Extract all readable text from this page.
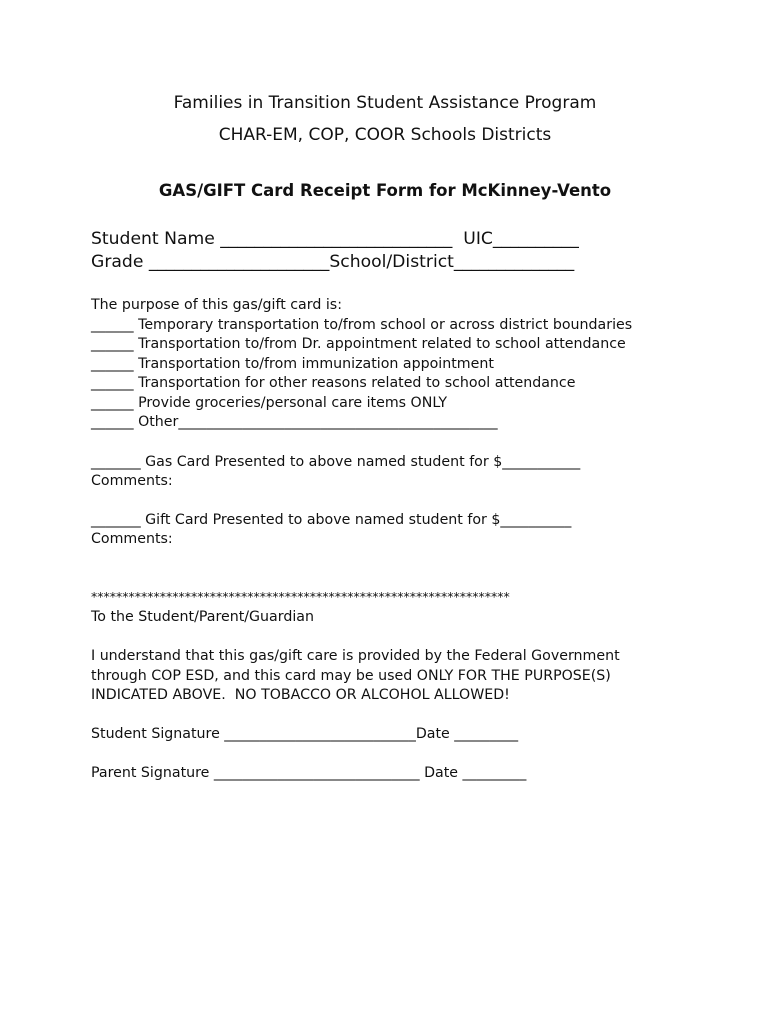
Families in Transition Student Assistance Program
CHAR-EM, COP, COOR Schools Districts
GAS/GIFT Card Receipt Form for McKinney-Vento
Student Name ___________________________  UIC__________
Grade _____________________School/District______________
The purpose of this gas/gift card is:
______ Temporary transportation to/from school or across district boundaries
______ Transportation to/from Dr. appointment related to school attendance
______ Transportation to/from immunization appointment
______ Transportation for other reasons related to school attendance
______ Provide groceries/personal care items ONLY
______ Other_____________________________________________
_______ Gas Card Presented to above named student for $___________
Comments:
_______ Gift Card Presented to above named student for $__________
Comments:
*******************************************************************
To the Student/Parent/Guardian
I understand that this gas/gift care is provided by the Federal Government
through COP ESD, and this card may be used ONLY FOR THE PURPOSE(S)
INDICATED ABOVE.  NO TOBACCO OR ALCOHOL ALLOWED!
Student Signature ___________________________Date _________
Parent Signature _____________________________ Date _________
